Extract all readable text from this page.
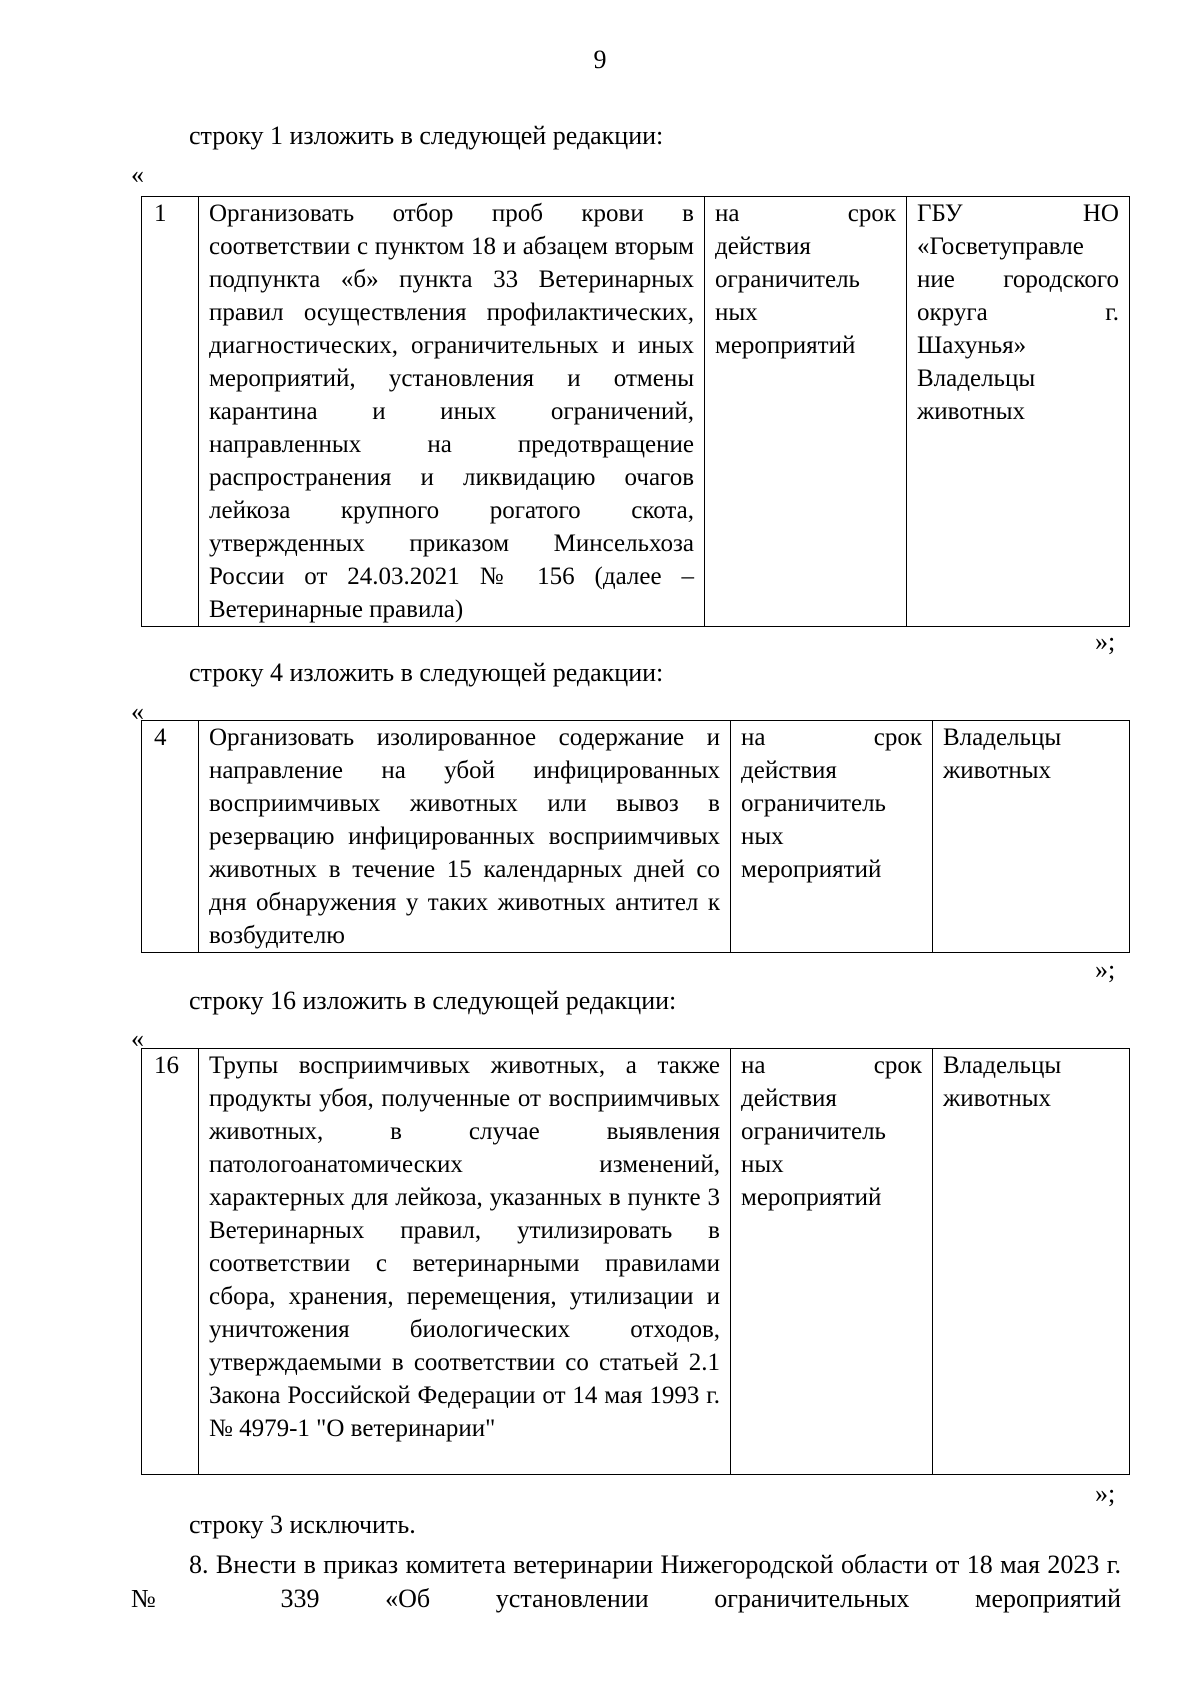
9
строку 1 изложить в следующей редакции:
«
1	Организовать отбор проб крови в соответствии с пунктом 18 и абзацем вторым подпункта «б» пункта 33 Ветеринарных правил осуществления профилактических, диагностических, ограничительных и иных мероприятий, установления и отмены карантина и иных ограничений, направленных на предотвращение распространения и ликвидацию очагов лейкоза крупного рогатого скота, утвержденных приказом Минсельхоза России от 24.03.2021 № 156 (далее – Ветеринарные правила)	на срок действия ограничитель ных мероприятий	ГБУ НО «Госветуправле ние городского округа г. Шахунья» Владельцы животных
»;
строку 4 изложить в следующей редакции:
«
4	Организовать изолированное содержание и направление на убой инфицированных восприимчивых животных или вывоз в резервацию инфицированных восприимчивых животных в течение 15 календарных дней со дня обнаружения у таких животных антител к возбудителю	на срок действия ограничитель ных мероприятий	Владельцы животных
»;
строку 16 изложить в следующей редакции:
«
16	Трупы восприимчивых животных, а также продукты убоя, полученные от восприимчивых животных, в случае выявления патологоанатомических изменений, характерных для лейкоза, указанных в пункте 3 Ветеринарных правил, утилизировать в соответствии с ветеринарными правилами сбора, хранения, перемещения, утилизации и уничтожения биологических отходов, утверждаемыми в соответствии со статьей 2.1 Закона Российской Федерации от 14 мая 1993 г. № 4979-1 "О ветеринарии"	на срок действия ограничитель ных мероприятий	Владельцы животных
»;
строку 3 исключить.
8. Внести в приказ комитета ветеринарии Нижегородской области от 18 мая 2023 г. № 339 «Об установлении ограничительных мероприятий
